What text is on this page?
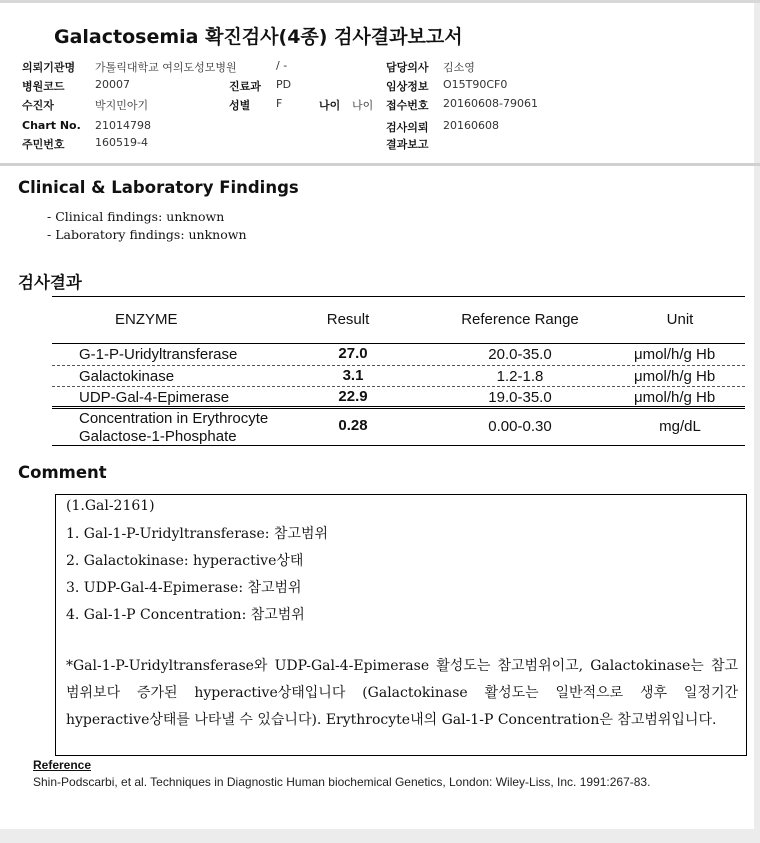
Galactosemia 확진검사(4종) 검사결과보고서
의뢰기관명 가톨릭대학교 여의도성모병원	/ -	담당의사 김소영
병원코드	20007	진료과 PD	임상정보 O15T90CF0
수진자	박지민아기	성별 F	나이 나이 접수번호 20160608-79061
Chart No. 21014798	검사의뢰 20160608
주민번호	160519-4	결과보고
Clinical & Laboratory Findings
- Clinical findings: unknown
- Laboratory findings: unknown
검사결과
ENZYME	Result	Reference Range	Unit
G-1-P-Uridyltransferase	27.0	20.0-35.0	μmol/h/g Hb
Galactokinase	3.1	1.2-1.8	μmol/h/g Hb
UDP-Gal-4-Epimerase	22.9	19.0-35.0	μmol/h/g Hb
Concentration in Erythrocyte
Galactose-1-Phosphate
0.28	0.00-0.30	mg/dL
Comment
(1.Gal-2161)
1. Gal-1-P-Uridyltransferase: 참고범위
2. Galactokinase: hyperactive상태
3. UDP-Gal-4-Epimerase: 참고범위
4. Gal-1-P Concentration: 참고범위
*Gal-1-P-Uridyltransferase와 UDP-Gal-4-Epimerase 활성도는 참고범위이고, Galactokinase는 참고범위보다 증가된 hyperactive상태입니다 (Galactokinase 활성도는 일반적으로 생후 일정기간 hyperactive상태를 나타낼 수 있습니다). Erythrocyte내의 Gal-1-P Concentration은 참고범위입니다.
Reference
Shin-Podscarbi, et al. Techniques in Diagnostic Human biochemical Genetics, London: Wiley-Liss, Inc. 1991:267-83.
